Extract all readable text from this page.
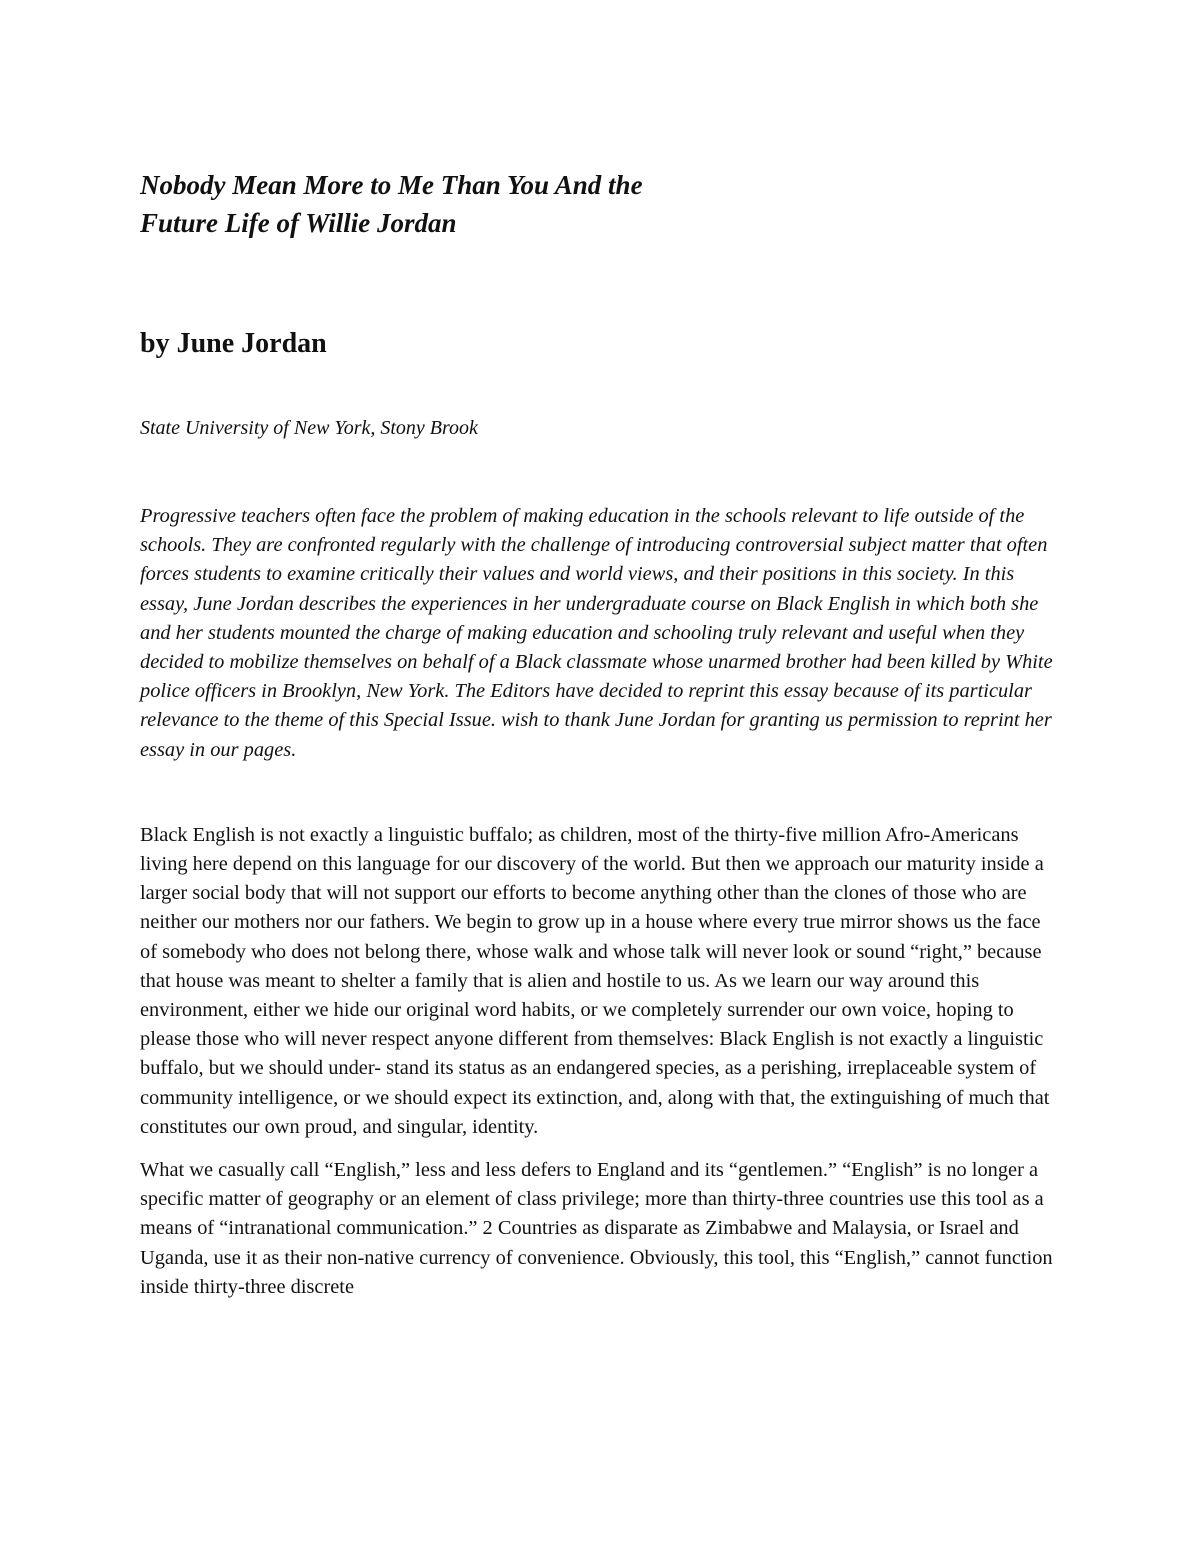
Nobody Mean More to Me Than You And the
Future Life of Willie Jordan

by June Jordan

State University of New York, Stony Brook

Progressive teachers often face the problem of making education in the schools relevant to life outside of the schools. They are confronted regularly with the challenge of introducing controversial subject matter that often forces students to examine critically their values and world views, and their positions in this society. In this essay, June Jordan describes the experiences in her undergraduate course on Black English in which both she and her students mounted the charge of making education and schooling truly relevant and useful when they decided to mobilize themselves on behalf of a Black classmate whose unarmed brother had been killed by White police officers in Brooklyn, New York. The Editors have decided to reprint this essay because of its particular relevance to the theme of this Special Issue. wish to thank June Jordan for granting us permission to reprint her essay in our pages.

Black English is not exactly a linguistic buffalo; as children, most of the thirty-five million Afro-Americans living here depend on this language for our discovery of the world. But then we approach our maturity inside a larger social body that will not support our efforts to become anything other than the clones of those who are neither our mothers nor our fathers. We begin to grow up in a house where every true mirror shows us the face of somebody who does not belong there, whose walk and whose talk will never look or sound “right,” because that house was meant to shelter a family that is alien and hostile to us. As we learn our way around this environment, either we hide our original word habits, or we completely surrender our own voice, hoping to please those who will never respect anyone different from themselves: Black English is not exactly a linguistic buffalo, but we should under- stand its status as an endangered species, as a perishing, irreplaceable system of community intelligence, or we should expect its extinction, and, along with that, the extinguishing of much that constitutes our own proud, and singular, identity.

What we casually call “English,” less and less defers to England and its “gentlemen.” “English” is no longer a specific matter of geography or an element of class privilege; more than thirty-three countries use this tool as a means of “intranational communication.” 2 Countries as disparate as Zimbabwe and Malaysia, or Israel and Uganda, use it as their non-native currency of convenience. Obviously, this tool, this “English,” cannot function inside thirty-three discrete
